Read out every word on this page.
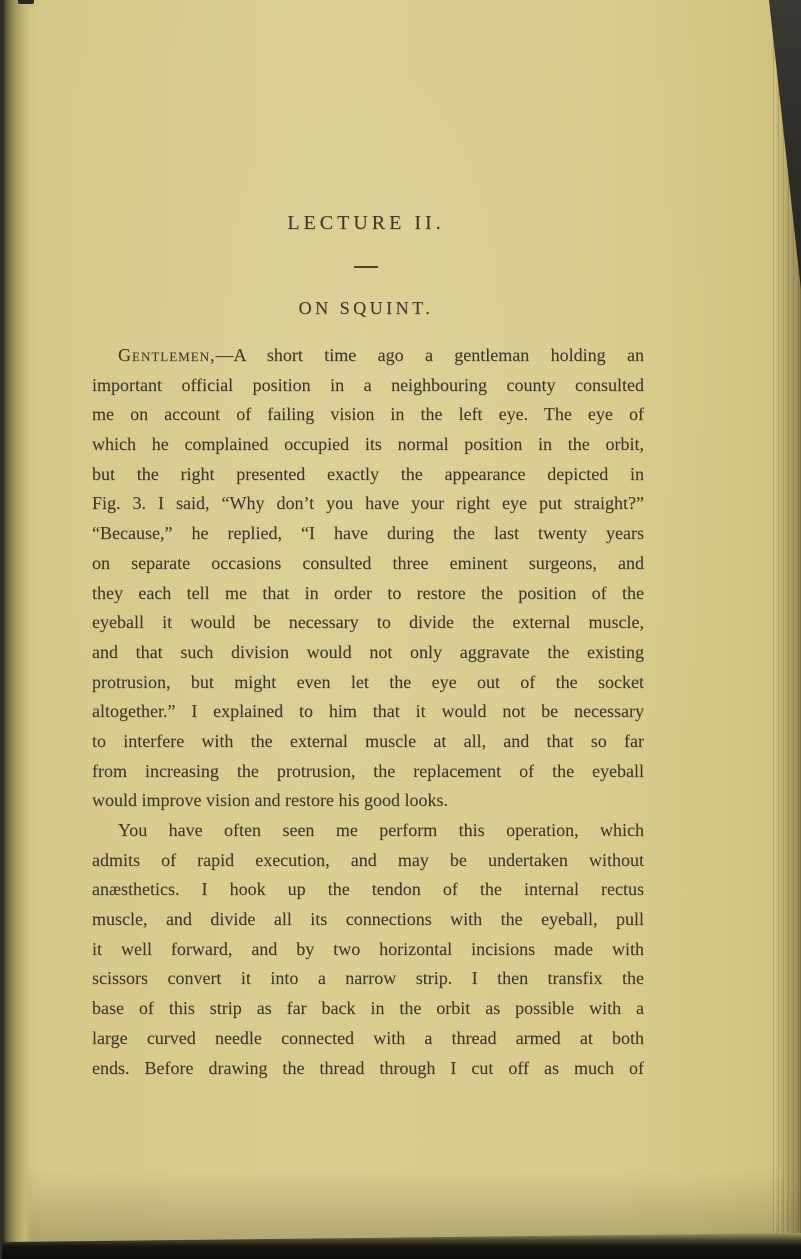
LECTURE II.
ON SQUINT.
Gentlemen,—A short time ago a gentleman holding an
important official position in a neighbouring county consulted
me on account of failing vision in the left eye. The eye of
which he complained occupied its normal position in the orbit,
but the right presented exactly the appearance depicted in
Fig. 3. I said, “Why don’t you have your right eye put straight?”
“Because,” he replied, “I have during the last twenty years
on separate occasions consulted three eminent surgeons, and
they each tell me that in order to restore the position of the
eyeball it would be necessary to divide the external muscle,
and that such division would not only aggravate the existing
protrusion, but might even let the eye out of the socket
altogether.” I explained to him that it would not be necessary
to interfere with the external muscle at all, and that so far
from increasing the protrusion, the replacement of the eyeball
would improve vision and restore his good looks.
You have often seen me perform this operation, which
admits of rapid execution, and may be undertaken without
anæsthetics. I hook up the tendon of the internal rectus
muscle, and divide all its connections with the eyeball, pull
it well forward, and by two horizontal incisions made with
scissors convert it into a narrow strip. I then transfix the
base of this strip as far back in the orbit as possible with a
large curved needle connected with a thread armed at both
ends. Before drawing the thread through I cut off as much of
